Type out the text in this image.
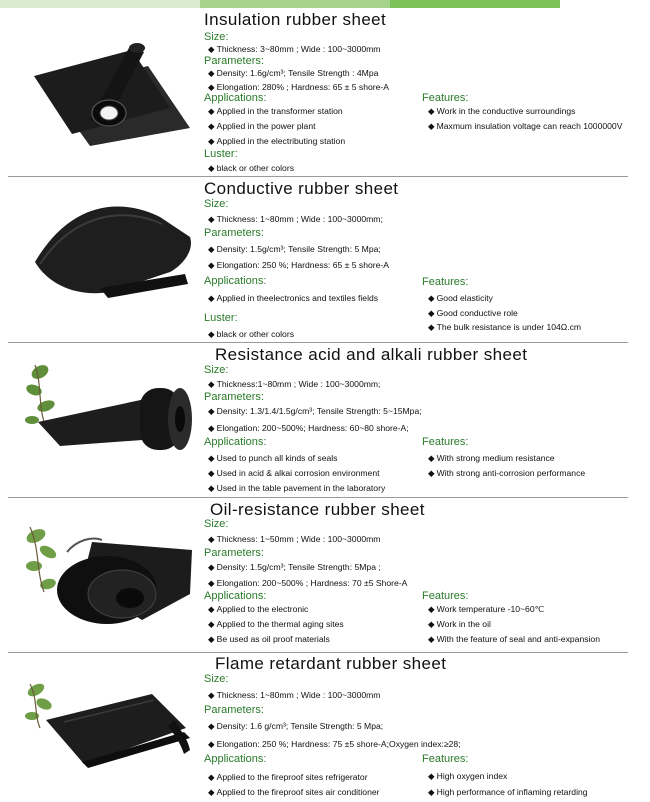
Insulation rubber sheet
Size:
◆ Thickness: 3~80mm ; Wide : 100~3000mm
Parameters:
◆ Density: 1.6g/cm³; Tensile Strength : 4Mpa
◆ Elongation: 280% ; Hardness: 65 ± 5 shore-A
Applications:
◆ Applied in the transformer station
◆ Applied in the power plant
◆ Applied in the electributing station
Features:
◆ Work in the conductive surroundings
◆ Maxmum insulation voltage can reach 1000000V
Luster:
◆ black or other colors
Conductive rubber sheet
Size:
◆ Thickness: 1~80mm ; Wide : 100~3000mm;
Parameters:
◆ Density: 1.5g/cm³; Tensile Strength: 5 Mpa;
◆ Elongation: 250 %; Hardness: 65 ± 5 shore-A
Applications:
◆ Applied in theelectronics and textiles fields
Features:
◆ Good elasticity
◆ Good conductive role
◆ The bulk resistance is under 104Ω.cm
Luster:
◆ black or other colors
Resistance acid and alkali rubber sheet
Size:
◆ Thickness:1~80mm ; Wide : 100~3000mm;
Parameters:
◆ Density: 1.3/1.4/1.5g/cm³; Tensile Strength: 5~15Mpa;
◆ Elongation: 200~500%; Hardness: 60~80 shore-A;
Applications:
◆ Used to punch all kinds of seals
◆ Used in acid & alkai corrosion environment
◆ Used in the table pavement in the laboratory
Features:
◆ With strong medium resistance
◆ With strong anti-corrosion performance
Oil-resistance rubber sheet
Size:
◆ Thickness: 1~50mm ; Wide : 100~3000mm
Parameters:
◆ Density: 1.5g/cm³; Tensile Strength: 5Mpa ;
◆ Elongation: 200~500% ; Hardness: 70 ±5 Shore-A
Applications:
◆ Applied to the electronic
◆ Applied to the thermal aging sites
◆ Be used as oil proof materials
Features:
◆ Work temperature -10~60℃
◆ Work in the oil
◆ With the feature of seal and anti-expansion
Flame retardant rubber sheet
Size:
◆ Thickness: 1~80mm ; Wide : 100~3000mm
Parameters:
◆ Density: 1.6 g/cm³; Tensile Strength: 5 Mpa;
◆ Elongation: 250 %; Hardness: 75 ±5 shore-A;Oxygen index:≥28;
Applications:
◆ Applied to the fireproof sites refrigerator
◆ Applied to the fireproof sites air conditioner
Features:
◆ High oxygen index
◆ High performance of inflaming retarding
